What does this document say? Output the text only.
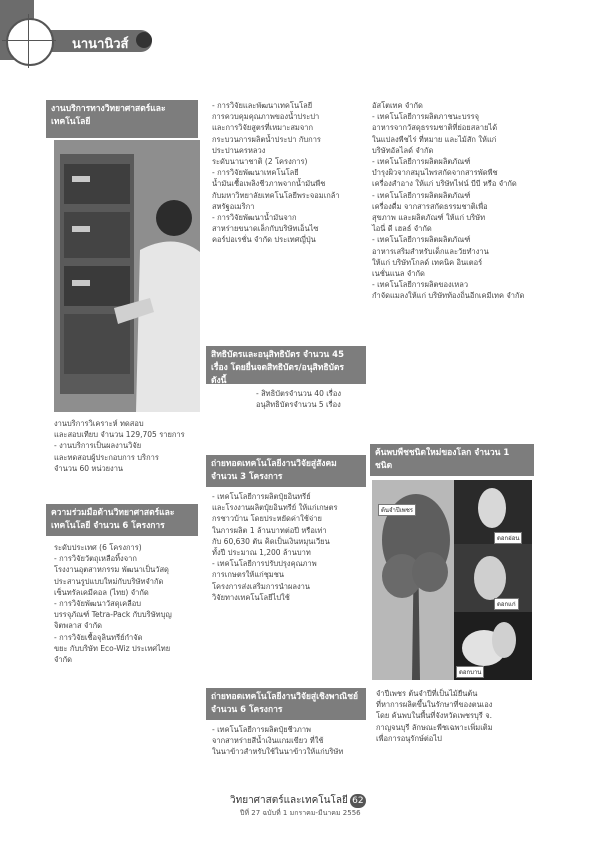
นานานิวส์
งานบริการทางวิทยาศาสตร์และเทคโนโลยี
งานบริการวิเคราะห์ ทดสอบ
และสอบเทียบ จำนวน 129,705 รายการ
- งานบริการเป็นผลงานวิจัย
และทดสอบผู้ประกอบการ บริการ
จำนวน 60 หน่วยงาน
ความร่วมมือด้านวิทยาศาสตร์และเทคโนโลยี จำนวน 6 โครงการ
ระดับประเทศ (6 โครงการ)
- การวิจัยวัตถุเหลือทิ้งจาก
โรงงานอุตสาหกรรม พัฒนาเป็นวัสดุ
ประสานรูปแบบใหม่กับบริษัทจำกัด
เซ็นทรัลเคมีคอล (ไทย) จำกัด
- การวิจัยพัฒนาวัสดุเคลือบ
บรรจุภัณฑ์ Tetra-Pack กับบริษัทบุญ
จิตพลาส จำกัด
- การวิจัยเชื้อจุลินทรีย์กำจัด
ขยะ กับบริษัท Eco-Wiz ประเทศไทย
จำกัด
- การวิจัยและพัฒนาเทคโนโลยี
การควบคุมคุณภาพของน้ำประปา
และการวิจัยสูตรที่เหมาะสมจาก
กระบวนการผลิตน้ำประปา กับการ
ประปานครหลวง
ระดับนานาชาติ (2 โครงการ)
- การวิจัยพัฒนาเทคโนโลยี
น้ำมันเชื้อเพลิงชีวภาพจากน้ำมันพืช
กับมหาวิทยาลัยเทคโนโลยีพระจอมเกล้า
สหรัฐอเมริกา
- การวิจัยพัฒนาน้ำมันจาก
สาหร่ายขนาดเล็กกับบริษัทเอ็นไซ
คอร์ปอเรชั่น จำกัด ประเทศญี่ปุ่น
สิทธิบัตรและอนุสิทธิบัตร จำนวน 45 เรื่อง โดยยื่นจดสิทธิบัตร/อนุสิทธิบัตร ดังนี้
- สิทธิบัตรจำนวน 40 เรื่อง
อนุสิทธิบัตรจำนวน 5 เรื่อง
ถ่ายทอดเทคโนโลยีงานวิจัยสู่สังคม จำนวน 3 โครงการ
- เทคโนโลยีการผลิตปุ๋ยอินทรีย์
และโรงงานผลิตปุ๋ยอินทรีย์ ให้แก่เกษตร
กรชาวบ้าน โดยประหยัดค่าใช้จ่าย
ในการผลิต 1 ล้านบาทต่อปี หรือเท่า
กับ 60,630 ตัน คิดเป็นเงินหมุนเวียน
ทั้งปี ประมาณ 1,200 ล้านบาท
- เทคโนโลยีการปรับปรุงคุณภาพ
การเกษตรให้แก่ชุมชน
โครงการส่งเสริมการนำผลงาน
วิจัยทางเทคโนโลยีไปใช้
ถ่ายทอดเทคโนโลยีงานวิจัยสู่เชิงพาณิชย์ จำนวน 6 โครงการ
- เทคโนโลยีการผลิตปุ๋ยชีวภาพ
จากสาหร่ายสีน้ำเงินแกมเขียว ที่ใช้
ในนาข้าวสำหรับใช้ในนาข้าวให้แก่บริษัท
อัสโตเทค จำกัด
- เทคโนโลยีการผลิตภาชนะบรรจุ
อาหารจากวัสดุธรรมชาติที่ย่อยสลายได้
ในแปลงพืชไร่ ที่หมาย และไม้สัก ให้แก่
บริษัทอัลไลด์ จำกัด
- เทคโนโลยีการผลิตผลิตภัณฑ์
บำรุงผิวจากสมุนไพรสกัดจากสารพัดพืช
เครื่องสำอาง ให้แก่ บริษัทไฟน์ บีบี หรือ จำกัด
- เทคโนโลยีการผลิตผลิตภัณฑ์
เครื่องดื่ม จากสารสกัดธรรมชาติเพื่อ
สุขภาพ และผลิตภัณฑ์ ให้แก่ บริษัท
ไอนี่ ดี เฮลธ์ จำกัด
- เทคโนโลยีการผลิตผลิตภัณฑ์
อาหารเสริมสำหรับเด็กและวัยทำงาน
ให้แก่ บริษัทโกลด์ เทคนิค อินเตอร์
เนชั่นแนล จำกัด
- เทคโนโลยีการผลิตของเหลว
กำจัดแมลงให้แก่ บริษัทท้องถิ่นอีกเคมีเทค จำกัด
ค้นพบพืชชนิดใหม่ของโลก จำนวน 1 ชนิด
ต้นจำปีเพชร
ดอกอ่อน
ดอกแก่
ดอกบาน
จำปีเพชร ต้นจำปีที่เป็นไม้ยืนต้น
ที่หาการผลิตขึ้นในรักษาที่ของตนเอง
โดย ค้นพบในพื้นที่จังหวัดเพชรบุรี จ.
กาญจนบุรี ลักษณะพืชเฉพาะเพิ่มเติม
เพื่อการอนุรักษ์ต่อไป
วิทยาศาสตร์และเทคโนโลยี 62
ปีที่ 27 ฉบับที่ 1 มกราคม-มีนาคม 2556
